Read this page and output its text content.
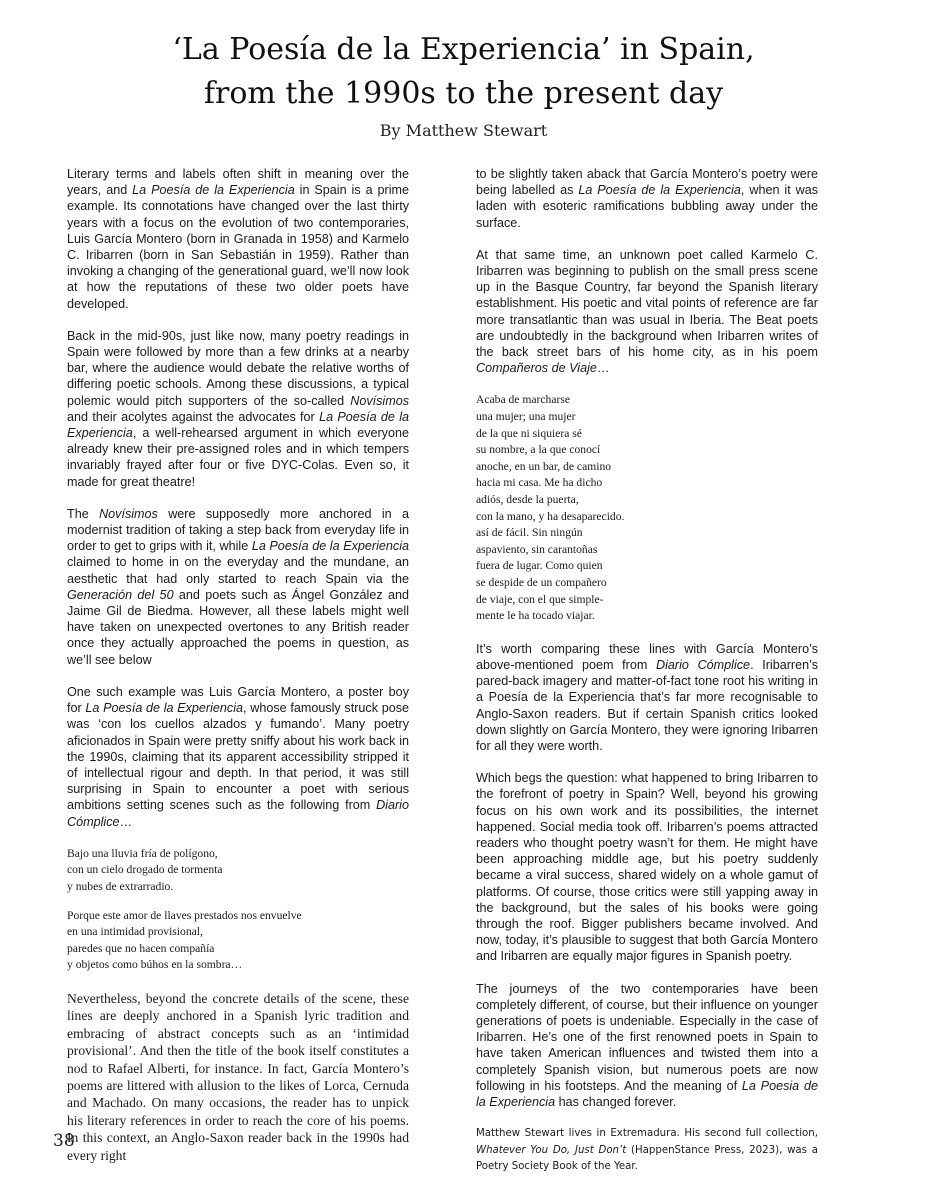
‘La Poesía de la Experiencia’ in Spain,
from the 1990s to the present day
By Matthew Stewart

Literary terms and labels often shift in meaning over the years, and La Poesía de la Experiencia in Spain is a prime example. Its connotations have changed over the last thirty years with a focus on the evolution of two contemporaries, Luis García Montero (born in Granada in 1958) and Karmelo C. Iribarren (born in San Sebastián in 1959). Rather than invoking a changing of the generational guard, we’ll now look at how the reputations of these two older poets have developed.

Back in the mid-90s, just like now, many poetry readings in Spain were followed by more than a few drinks at a nearby bar, where the audience would debate the relative worths of differing poetic schools. Among these discussions, a typical polemic would pitch supporters of the so-called Novísimos and their acolytes against the advocates for La Poesía de la Experiencia, a well-rehearsed argument in which everyone already knew their pre-assigned roles and in which tempers invariably frayed after four or five DYC-Colas. Even so, it made for great theatre!

The Novísimos were supposedly more anchored in a modernist tradition of taking a step back from everyday life in order to get to grips with it, while La Poesía de la Experiencia claimed to home in on the everyday and the mundane, an aesthetic that had only started to reach Spain via the Generación del 50 and poets such as Ángel González and Jaime Gil de Biedma. However, all these labels might well have taken on unexpected overtones to any British reader once they actually approached the poems in question, as we’ll see below

One such example was Luis García Montero, a poster boy for La Poesía de la Experiencia, whose famously struck pose was ‘con los cuellos alzados y fumando’. Many poetry aficionados in Spain were pretty sniffy about his work back in the 1990s, claiming that its apparent accessibility stripped it of intellectual rigour and depth. In that period, it was still surprising in Spain to encounter a poet with serious ambitions setting scenes such as the following from Diario Cómplice…

Bajo una lluvia fría de polígono,
con un cielo drogado de tormenta
y nubes de extrarradio.
Porque este amor de llaves prestados nos envuelve
en una intimidad provisional,
paredes que no hacen compañía
y objetos como búhos en la sombra…

Nevertheless, beyond the concrete details of the scene, these lines are deeply anchored in a Spanish lyric tradition and embracing of abstract concepts such as an ‘intimidad provisional’. And then the title of the book itself constitutes a nod to Rafael Alberti, for instance. In fact, García Montero’s poems are littered with allusion to the likes of Lorca, Cernuda and Machado. On many occasions, the reader has to unpick his literary references in order to reach the core of his poems. In this context, an Anglo-Saxon reader back in the 1990s had every right

to be slightly taken aback that García Montero’s poetry were being labelled as La Poesía de la Experiencia, when it was laden with esoteric ramifications bubbling away under the surface.

At that same time, an unknown poet called Karmelo C. Iribarren was beginning to publish on the small press scene up in the Basque Country, far beyond the Spanish literary establishment. His poetic and vital points of reference are far more transatlantic than was usual in Iberia. The Beat poets are undoubtedly in the background when Iribarren writes of the back street bars of his home city, as in his poem Compañeros de Viaje…

Acaba de marcharse
una mujer; una mujer
de la que ni siquiera sé
su nombre, a la que conocí
anoche, en un bar, de camino
hacia mi casa. Me ha dicho
adiós, desde la puerta,
con la mano, y ha desaparecido.
así de fácil. Sin ningún
aspaviento, sin carantoñas
fuera de lugar. Como quien
se despide de un compañero
de viaje, con el que simple-
mente le ha tocado viajar.

It’s worth comparing these lines with García Montero’s above-mentioned poem from Diario Cómplice. Iribarren’s pared-back imagery and matter-of-fact tone root his writing in a Poesía de la Experiencia that’s far more recognisable to Anglo-Saxon readers. But if certain Spanish critics looked down slightly on García Montero, they were ignoring Iribarren for all they were worth.

Which begs the question: what happened to bring Iribarren to the forefront of poetry in Spain? Well, beyond his growing focus on his own work and its possibilities, the internet happened. Social media took off. Iribarren’s poems attracted readers who thought poetry wasn’t for them. He might have been approaching middle age, but his poetry suddenly became a viral success, shared widely on a whole gamut of platforms. Of course, those critics were still yapping away in the background, but the sales of his books were going through the roof. Bigger publishers became involved. And now, today, it’s plausible to suggest that both García Montero and Iribarren are equally major figures in Spanish poetry.

The journeys of the two contemporaries have been completely different, of course, but their influence on younger generations of poets is undeniable. Especially in the case of Iribarren. He’s one of the first renowned poets in Spain to have taken American influences and twisted them into a completely Spanish vision, but numerous poets are now following in his footsteps. And the meaning of La Poesia de la Experiencia has changed forever.

Matthew Stewart lives in Extremadura. His second full collection, Whatever You Do, Just Don’t (HappenStance Press, 2023), was a Poetry Society Book of the Year.

38
